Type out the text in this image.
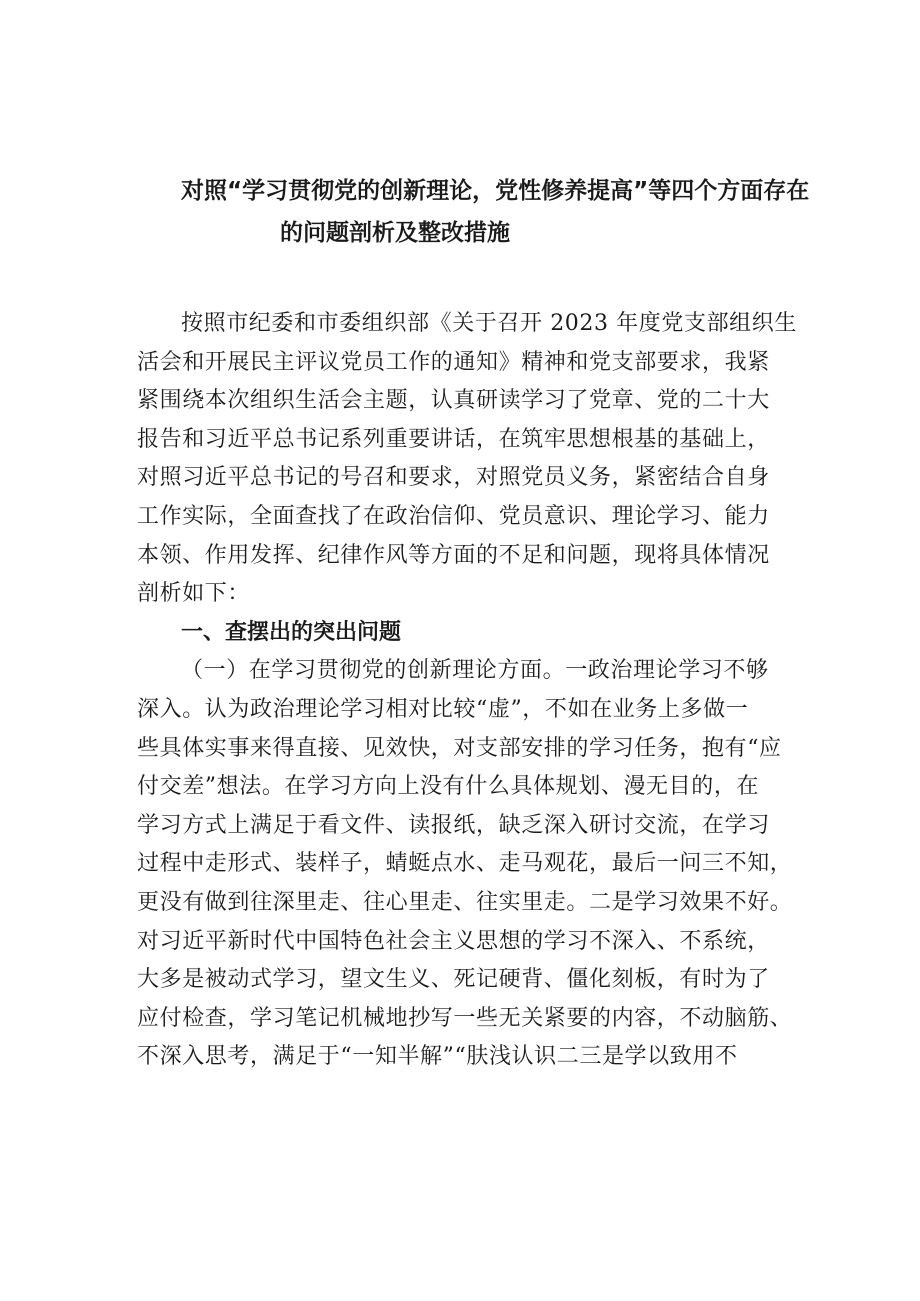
对照“学习贯彻党的创新理论，党性修养提高”等四个方面存在
的问题剖析及整改措施
按照市纪委和市委组织部《关于召开 2023 年度党支部组织生
活会和开展民主评议党员工作的通知》精神和党支部要求，我紧
紧围绕本次组织生活会主题，认真研读学习了党章、党的二十大
报告和习近平总书记系列重要讲话，在筑牢思想根基的基础上，
对照习近平总书记的号召和要求，对照党员义务，紧密结合自身
工作实际，全面查找了在政治信仰、党员意识、理论学习、能力
本领、作用发挥、纪律作风等方面的不足和问题，现将具体情况
剖析如下：
一、查摆出的突出问题
（一）在学习贯彻党的创新理论方面。一政治理论学习不够
深入。认为政治理论学习相对比较“虚”，不如在业务上多做一
些具体实事来得直接、见效快，对支部安排的学习任务，抱有“应
付交差”想法。在学习方向上没有什么具体规划、漫无目的，在
学习方式上满足于看文件、读报纸，缺乏深入研讨交流，在学习
过程中走形式、装样子，蜻蜓点水、走马观花，最后一问三不知，
更没有做到往深里走、往心里走、往实里走。二是学习效果不好。
对习近平新时代中国特色社会主义思想的学习不深入、不系统，
大多是被动式学习，望文生义、死记硬背、僵化刻板，有时为了
应付检查，学习笔记机械地抄写一些无关紧要的内容，不动脑筋、
不深入思考，满足于“一知半解”“肤浅认识二三是学以致用不
